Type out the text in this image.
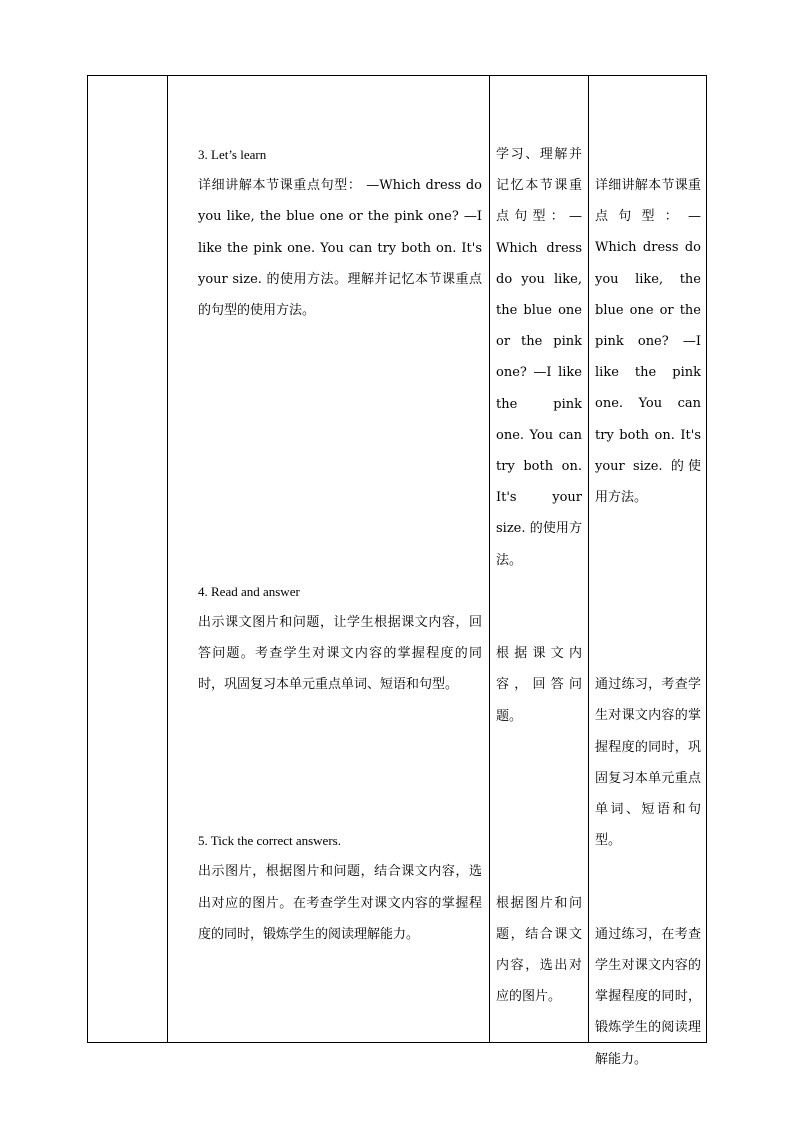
3. Let’s learn

详细讲解本节课重点句型： —Which dress do you like, the blue one or the pink one? —I like the pink one. You can try both on. It's your size. 的使用方法。理解并记忆本节课重点的句型的使用方法。

4. Read and answer

出示课文图片和问题，让学生根据课文内容，回答问题。考查学生对课文内容的掌握程度的同时，巩固复习本单元重点单词、短语和句型。

5. Tick the correct answers.

出示图片，根据图片和问题，结合课文内容，选出对应的图片。在考查学生对课文内容的掌握程度的同时，锻炼学生的阅读理解能力。

学习、理解并记忆本节课重点句型：—Which dress do you like, the blue one or the pink one? —I like the pink one. You can try both on. It's your size. 的使用方法。

根据课文内容，回答问题。

根据图片和问题，结合课文内容，选出对应的图片。

详细讲解本节课重点句型：—Which dress do you like, the blue one or the pink one? —I like the pink one. You can try both on. It's your size. 的使用方法。

通过练习，考查学生对课文内容的掌握程度的同时，巩固复习本单元重点单词、短语和句型。

通过练习，在考查学生对课文内容的掌握程度的同时，锻炼学生的阅读理解能力。
